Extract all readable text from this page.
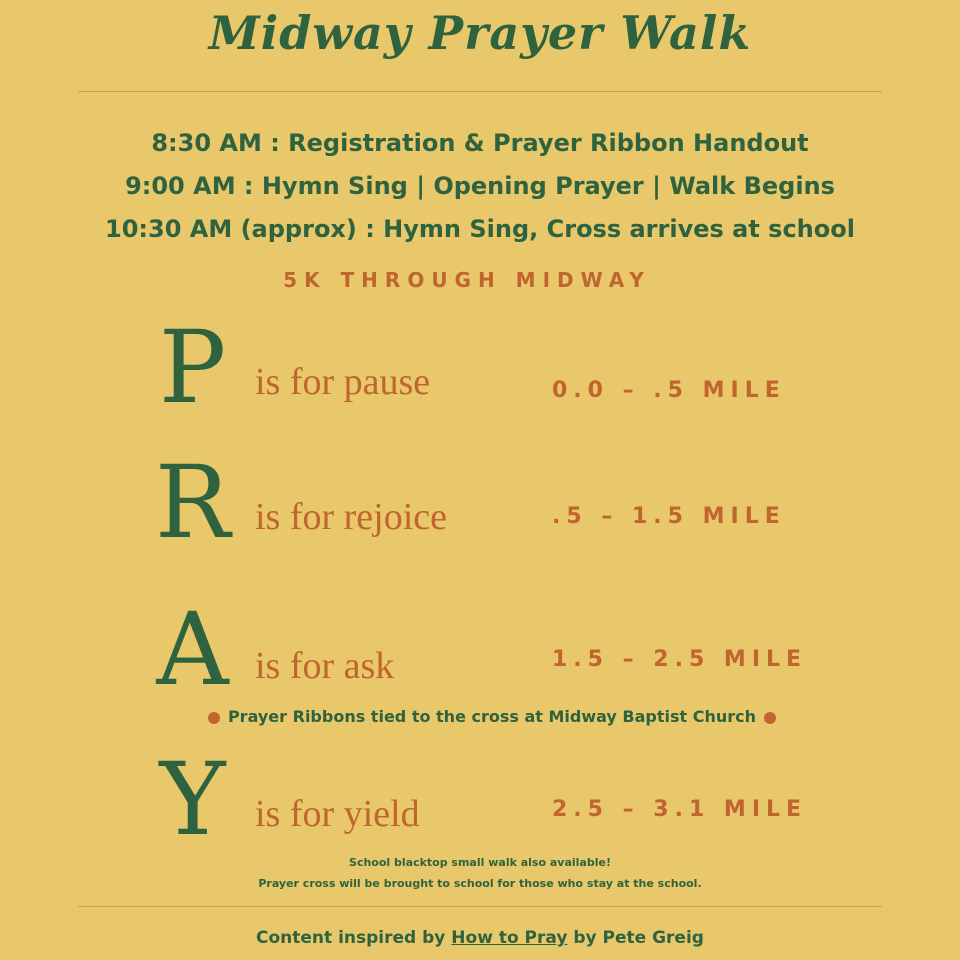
Midway Prayer Walk
8:30 AM : Registration & Prayer Ribbon Handout
9:00 AM : Hymn Sing | Opening Prayer | Walk Begins
10:30 AM (approx) : Hymn Sing, Cross arrives at school
5K THROUGH MIDWAY
P is for pause	0.0 – .5 MILE
R is for rejoice	.5 – 1.5 MILE
A is for ask	1.5 – 2.5 MILE
Prayer Ribbons tied to the cross at Midway Baptist Church
Y is for yield	2.5 – 3.1 MILE
School blacktop small walk also available!
Prayer cross will be brought to school for those who stay at the school.
Content inspired by How to Pray by Pete Greig
